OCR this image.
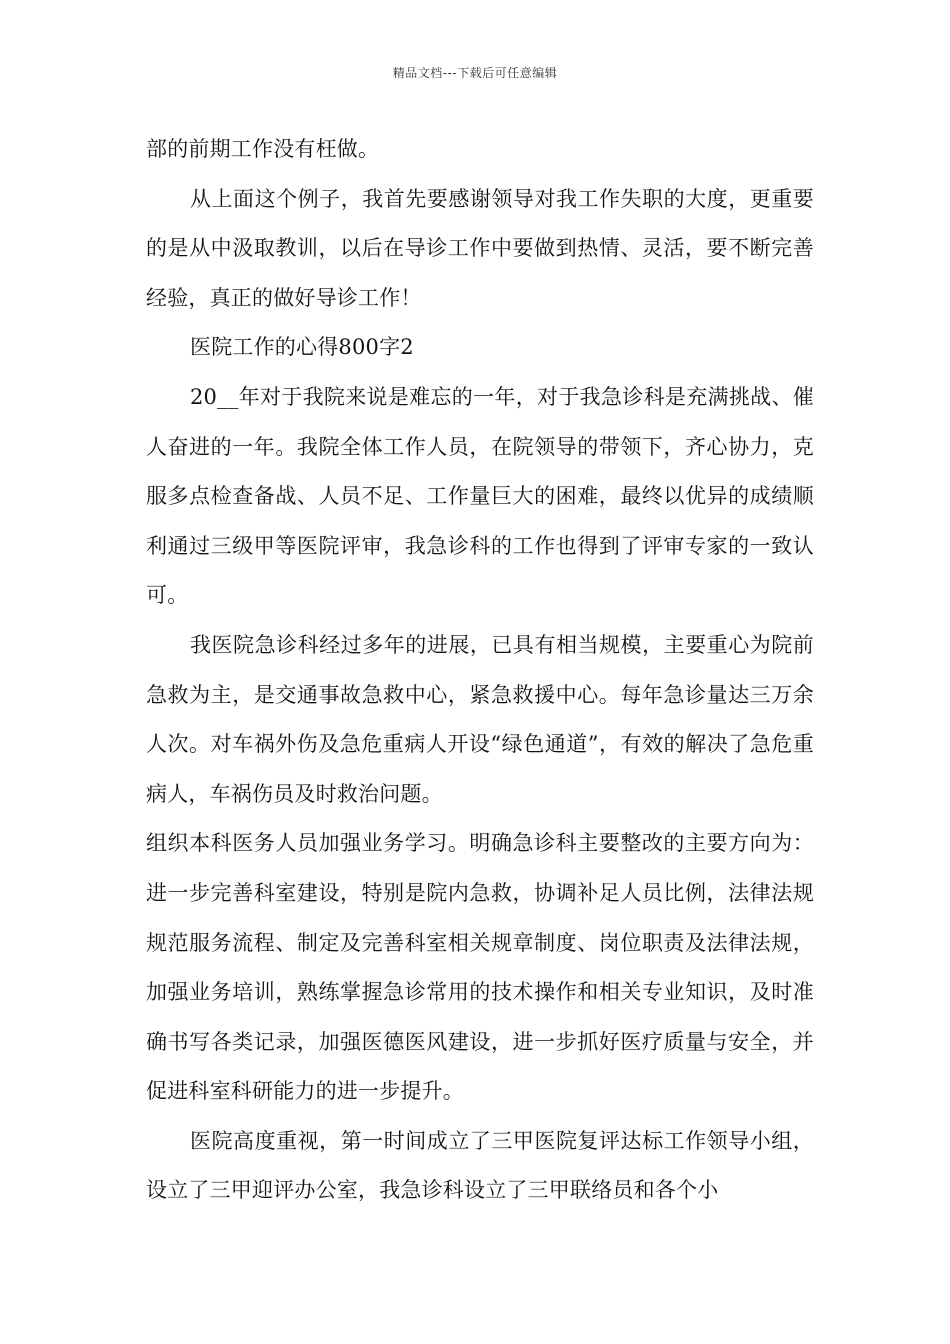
精品文档---下载后可任意编辑

部的前期工作没有枉做。

从上面这个例子，我首先要感谢领导对我工作失职的大度，更重要的是从中汲取教训，以后在导诊工作中要做到热情、灵活，要不断完善经验，真正的做好导诊工作！

医院工作的心得800字2

20__年对于我院来说是难忘的一年，对于我急诊科是充满挑战、催人奋进的一年。我院全体工作人员，在院领导的带领下，齐心协力，克服多点检查备战、人员不足、工作量巨大的困难，最终以优异的成绩顺利通过三级甲等医院评审，我急诊科的工作也得到了评审专家的一致认可。

我医院急诊科经过多年的进展，已具有相当规模，主要重心为院前急救为主，是交通事故急救中心，紧急救援中心。每年急诊量达三万余人次。对车祸外伤及急危重病人开设“绿色通道”，有效的解决了急危重病人，车祸伤员及时救治问题。

组织本科医务人员加强业务学习。明确急诊科主要整改的主要方向为：进一步完善科室建设，特别是院内急救，协调补足人员比例，法律法规规范服务流程、制定及完善科室相关规章制度、岗位职责及法律法规，加强业务培训，熟练掌握急诊常用的技术操作和相关专业知识，及时准确书写各类记录，加强医德医风建设，进一步抓好医疗质量与安全，并促进科室科研能力的进一步提升。

医院高度重视，第一时间成立了三甲医院复评达标工作领导小组，设立了三甲迎评办公室，我急诊科设立了三甲联络员和各个小
